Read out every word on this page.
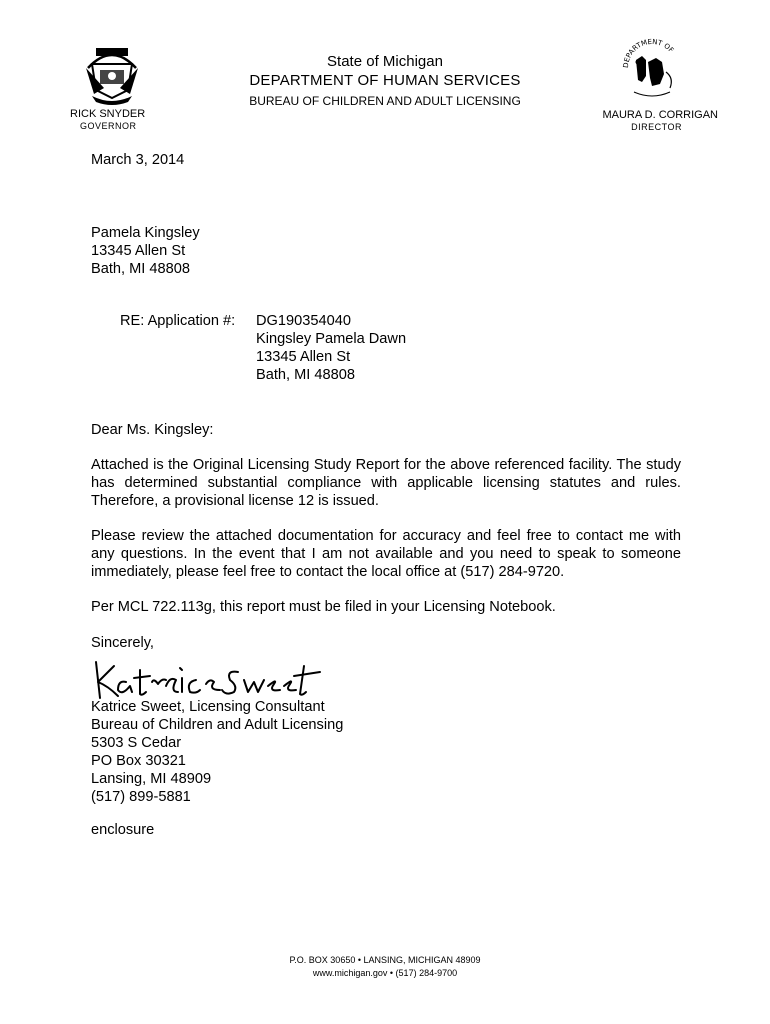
DEPARTMENT OF
State of Michigan
DEPARTMENT OF HUMAN SERVICES
BUREAU OF CHILDREN AND ADULT LICENSING
RICK SNYDER
GOVERNOR
MAURA D. CORRIGAN
DIRECTOR
March 3, 2014
Pamela Kingsley
13345 Allen St
Bath, MI 48808
RE: Application #: DG190354040
Kingsley Pamela Dawn
13345 Allen St
Bath, MI 48808
Dear Ms. Kingsley:
Attached is the Original Licensing Study Report for the above referenced facility. The study has determined substantial compliance with applicable licensing statutes and rules. Therefore, a provisional license 12 is issued.
Please review the attached documentation for accuracy and feel free to contact me with any questions. In the event that I am not available and you need to speak to someone immediately, please feel free to contact the local office at (517) 284-9720.
Per MCL 722.113g, this report must be filed in your Licensing Notebook.
Sincerely,
Katrice Sweet, Licensing Consultant
Bureau of Children and Adult Licensing
5303 S Cedar
PO Box 30321
Lansing, MI 48909
(517) 899-5881
enclosure
P.O. BOX 30650 • LANSING, MICHIGAN 48909
www.michigan.gov • (517) 284-9700
